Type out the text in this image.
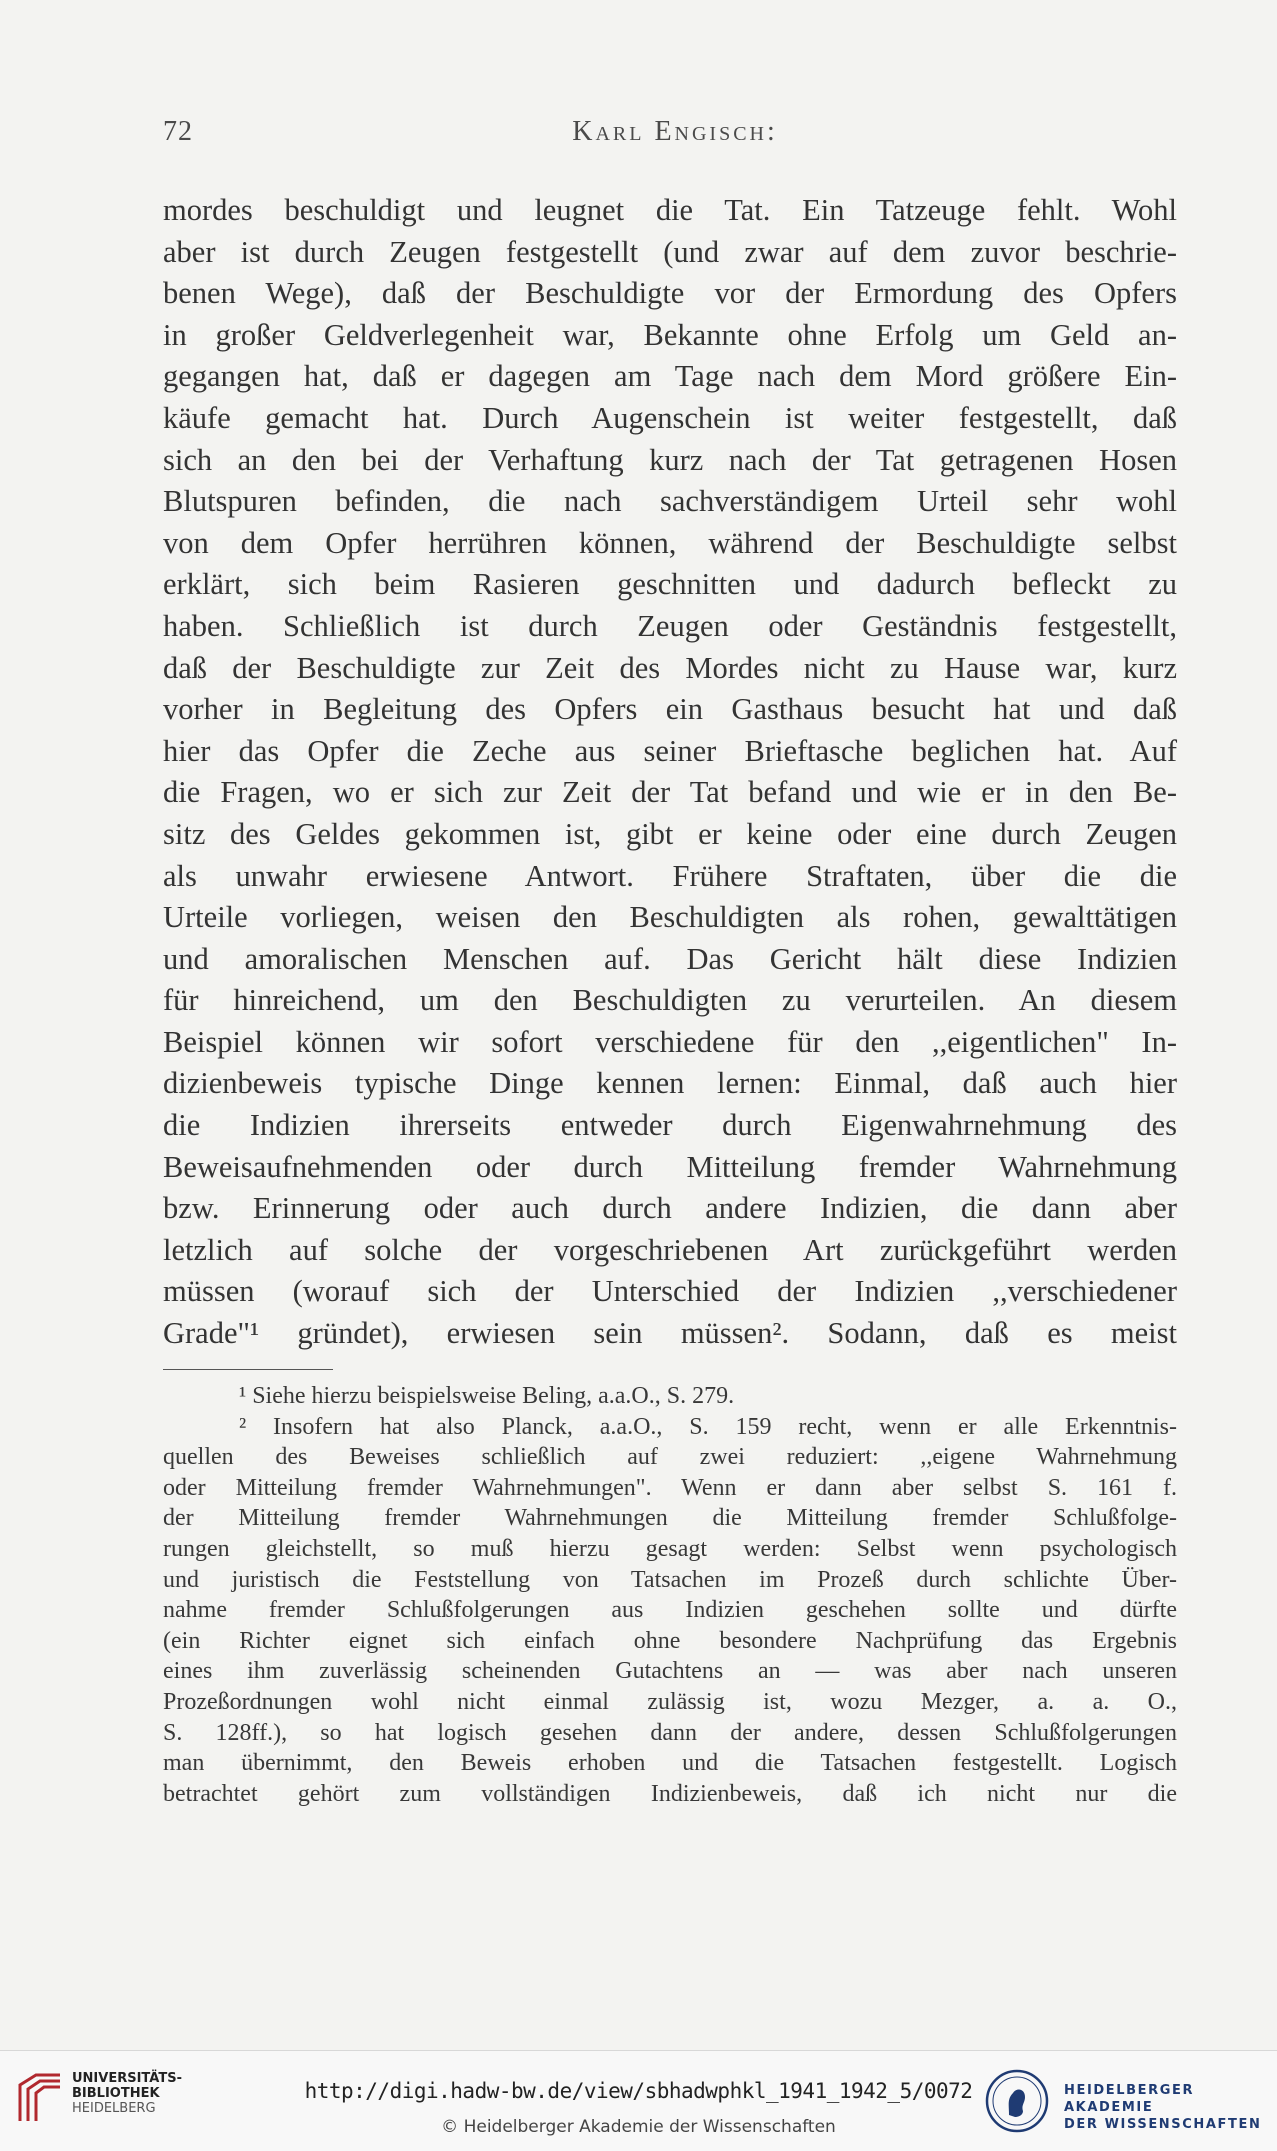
72	Karl Engisch:
mordes beschuldigt und leugnet die Tat. Ein Tatzeuge fehlt. Wohl
aber ist durch Zeugen festgestellt (und zwar auf dem zuvor beschrie-
benen Wege), daß der Beschuldigte vor der Ermordung des Opfers
in großer Geldverlegenheit war, Bekannte ohne Erfolg um Geld an-
gegangen hat, daß er dagegen am Tage nach dem Mord größere Ein-
käufe gemacht hat. Durch Augenschein ist weiter festgestellt, daß
sich an den bei der Verhaftung kurz nach der Tat getragenen Hosen
Blutspuren befinden, die nach sachverständigem Urteil sehr wohl
von dem Opfer herrühren können, während der Beschuldigte selbst
erklärt, sich beim Rasieren geschnitten und dadurch befleckt zu
haben. Schließlich ist durch Zeugen oder Geständnis festgestellt,
daß der Beschuldigte zur Zeit des Mordes nicht zu Hause war, kurz
vorher in Begleitung des Opfers ein Gasthaus besucht hat und daß
hier das Opfer die Zeche aus seiner Brieftasche beglichen hat. Auf
die Fragen, wo er sich zur Zeit der Tat befand und wie er in den Be-
sitz des Geldes gekommen ist, gibt er keine oder eine durch Zeugen
als unwahr erwiesene Antwort. Frühere Straftaten, über die die
Urteile vorliegen, weisen den Beschuldigten als rohen, gewalttätigen
und amoralischen Menschen auf. Das Gericht hält diese Indizien
für hinreichend, um den Beschuldigten zu verurteilen. An diesem
Beispiel können wir sofort verschiedene für den ,,eigentlichen" In-
dizienbeweis typische Dinge kennen lernen: Einmal, daß auch hier
die Indizien ihrerseits entweder durch Eigenwahrnehmung des
Beweisaufnehmenden oder durch Mitteilung fremder Wahrnehmung
bzw. Erinnerung oder auch durch andere Indizien, die dann aber
letzlich auf solche der vorgeschriebenen Art zurückgeführt werden
müssen (worauf sich der Unterschied der Indizien ,,verschiedener
Grade"¹ gründet), erwiesen sein müssen². Sodann, daß es meist
¹ Siehe hierzu beispielsweise Beling, a.a.O., S. 279.
² Insofern hat also Planck, a.a.O., S. 159 recht, wenn er alle Erkenntnis-
quellen des Beweises schließlich auf zwei reduziert: ,,eigene Wahrnehmung
oder Mitteilung fremder Wahrnehmungen". Wenn er dann aber selbst S. 161 f.
der Mitteilung fremder Wahrnehmungen die Mitteilung fremder Schlußfolge-
rungen gleichstellt, so muß hierzu gesagt werden: Selbst wenn psychologisch
und juristisch die Feststellung von Tatsachen im Prozeß durch schlichte Über-
nahme fremder Schlußfolgerungen aus Indizien geschehen sollte und dürfte
(ein Richter eignet sich einfach ohne besondere Nachprüfung das Ergebnis
eines ihm zuverlässig scheinenden Gutachtens an — was aber nach unseren
Prozeßordnungen wohl nicht einmal zulässig ist, wozu Mezger, a. a. O.,
S. 128ff.), so hat logisch gesehen dann der andere, dessen Schlußfolgerungen
man übernimmt, den Beweis erhoben und die Tatsachen festgestellt. Logisch
betrachtet gehört zum vollständigen Indizienbeweis, daß ich nicht nur die
UNIVERSITÄTS-
BIBLIOTHEK
HEIDELBERG
http://digi.hadw-bw.de/view/sbhadwphkl_1941_1942_5/0072
© Heidelberger Akademie der Wissenschaften
HEIDELBERGER AKADEMIE
DER WISSENSCHAFTEN
